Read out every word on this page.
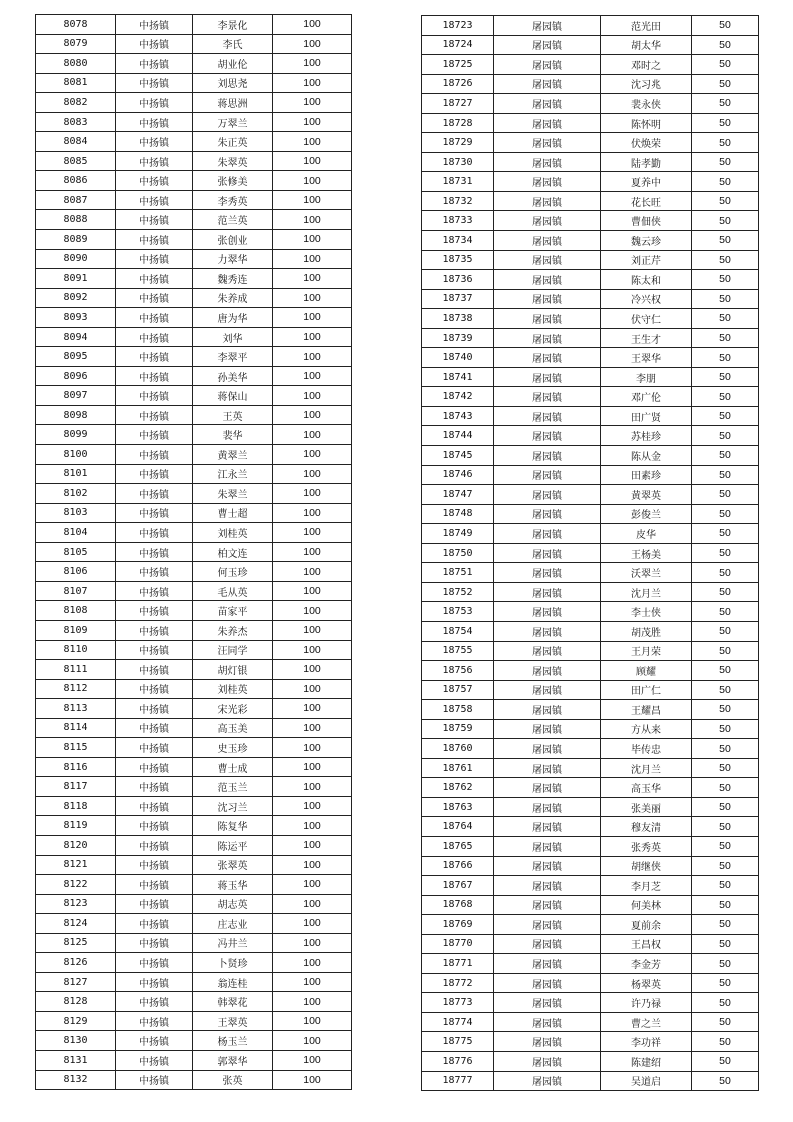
8078	中扬镇	李景化	100
8079	中扬镇	李氏	100
8080	中扬镇	胡业伦	100
8081	中扬镇	刘思尧	100
8082	中扬镇	蒋思洲	100
8083	中扬镇	万翠兰	100
8084	中扬镇	朱正英	100
8085	中扬镇	朱翠英	100
8086	中扬镇	张修美	100
8087	中扬镇	李秀英	100
8088	中扬镇	范兰英	100
8089	中扬镇	张创业	100
8090	中扬镇	力翠华	100
8091	中扬镇	魏秀连	100
8092	中扬镇	朱养成	100
8093	中扬镇	唐为华	100
8094	中扬镇	刘华	100
8095	中扬镇	李翠平	100
8096	中扬镇	孙美华	100
8097	中扬镇	蒋保山	100
8098	中扬镇	王英	100
8099	中扬镇	裴华	100
8100	中扬镇	黄翠兰	100
8101	中扬镇	江永兰	100
8102	中扬镇	朱翠兰	100
8103	中扬镇	曹士超	100
8104	中扬镇	刘桂英	100
8105	中扬镇	柏文连	100
8106	中扬镇	何玉珍	100
8107	中扬镇	毛从英	100
8108	中扬镇	苗家平	100
8109	中扬镇	朱养杰	100
8110	中扬镇	汪同学	100
8111	中扬镇	胡灯银	100
8112	中扬镇	刘桂英	100
8113	中扬镇	宋光彩	100
8114	中扬镇	高玉美	100
8115	中扬镇	史玉珍	100
8116	中扬镇	曹士成	100
8117	中扬镇	范玉兰	100
8118	中扬镇	沈习兰	100
8119	中扬镇	陈复华	100
8120	中扬镇	陈运平	100
8121	中扬镇	张翠英	100
8122	中扬镇	蒋玉华	100
8123	中扬镇	胡志英	100
8124	中扬镇	庄志业	100
8125	中扬镇	冯井兰	100
8126	中扬镇	卜贤珍	100
8127	中扬镇	翁连桂	100
8128	中扬镇	韩翠花	100
8129	中扬镇	王翠英	100
8130	中扬镇	杨玉兰	100
8131	中扬镇	郭翠华	100
8132	中扬镇	张英	100
18723	屠园镇	范光田	50
18724	屠园镇	胡太华	50
18725	屠园镇	邓时之	50
18726	屠园镇	沈习兆	50
18727	屠园镇	裴永侠	50
18728	屠园镇	陈怀明	50
18729	屠园镇	伏焕荣	50
18730	屠园镇	陆孝勤	50
18731	屠园镇	夏养中	50
18732	屠园镇	花长旺	50
18733	屠园镇	曹佃侠	50
18734	屠园镇	魏云珍	50
18735	屠园镇	刘正芹	50
18736	屠园镇	陈太和	50
18737	屠园镇	冷兴权	50
18738	屠园镇	伏守仁	50
18739	屠园镇	王生才	50
18740	屠园镇	王翠华	50
18741	屠园镇	李朋	50
18742	屠园镇	邓广伦	50
18743	屠园镇	田广贤	50
18744	屠园镇	苏桂珍	50
18745	屠园镇	陈从金	50
18746	屠园镇	田素珍	50
18747	屠园镇	黄翠英	50
18748	屠园镇	彭俊兰	50
18749	屠园镇	皮华	50
18750	屠园镇	王杨美	50
18751	屠园镇	沃翠兰	50
18752	屠园镇	沈月兰	50
18753	屠园镇	李士侠	50
18754	屠园镇	胡茂胜	50
18755	屠园镇	王月荣	50
18756	屠园镇	顾耀	50
18757	屠园镇	田广仁	50
18758	屠园镇	王耀昌	50
18759	屠园镇	方从来	50
18760	屠园镇	毕传忠	50
18761	屠园镇	沈月兰	50
18762	屠园镇	高玉华	50
18763	屠园镇	张美丽	50
18764	屠园镇	穆友清	50
18765	屠园镇	张秀英	50
18766	屠园镇	胡继侠	50
18767	屠园镇	李月芝	50
18768	屠园镇	何美林	50
18769	屠园镇	夏前余	50
18770	屠园镇	王昌权	50
18771	屠园镇	李金芳	50
18772	屠园镇	杨翠英	50
18773	屠园镇	许乃禄	50
18774	屠园镇	曹之兰	50
18775	屠园镇	李功祥	50
18776	屠园镇	陈建绍	50
18777	屠园镇	吴道启	50
